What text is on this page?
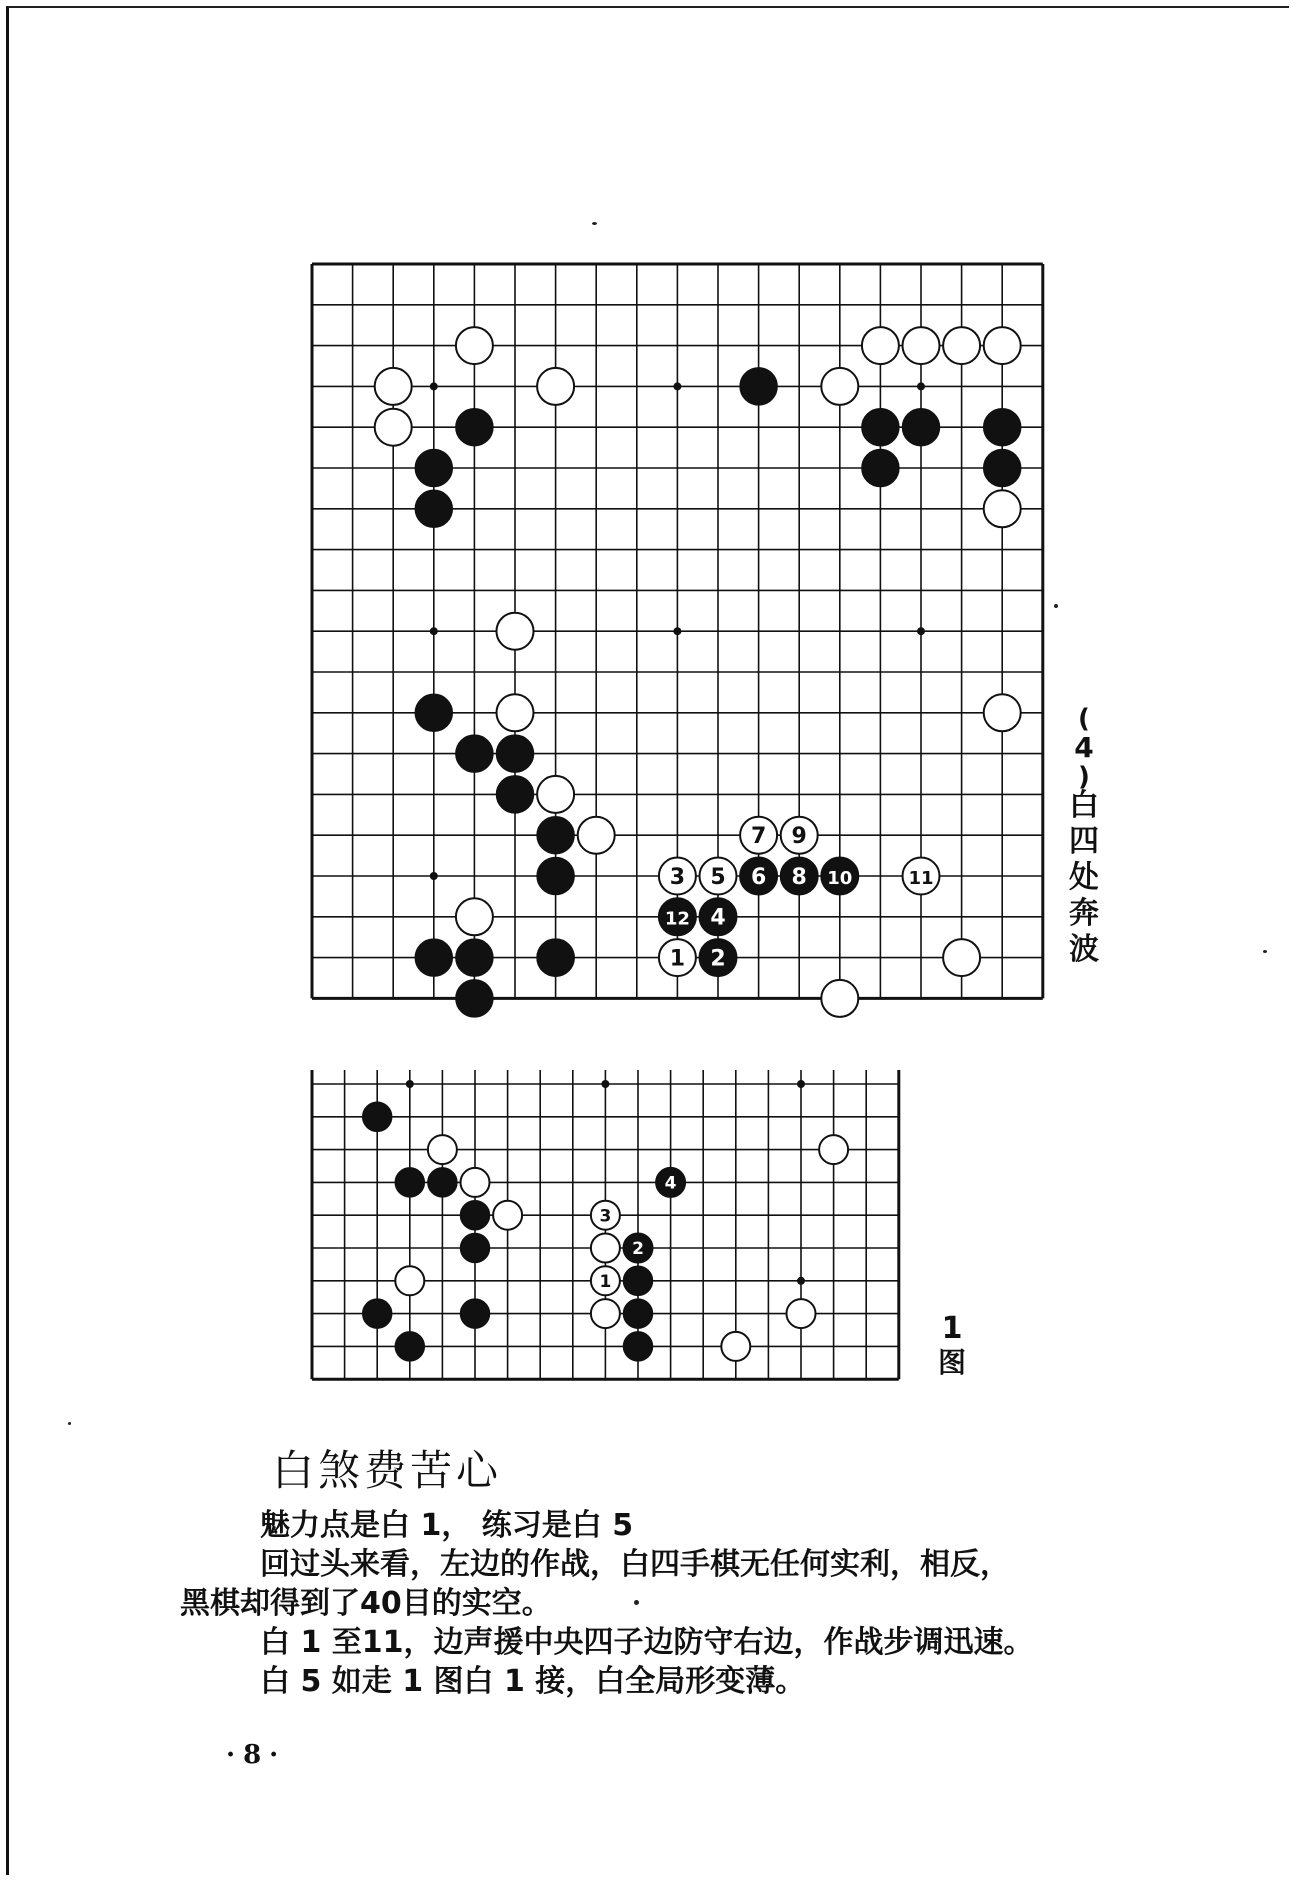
1 2
3
4
5 6
7
8
9
10	11
12
(
4
)
白
四
处
奔
波
1
2
3
4
1
图
白煞费苦心

魅力点是白 1， 练习是白 5

回过头来看，左边的作战，白四手棋无任何实利，相反，

黑棋却得到了40目的实空。

白 1 至11，边声援中央四子边防守右边，作战步调迅速。

白 5 如走 1 图白 1 接，白全局形变薄。

·8·
